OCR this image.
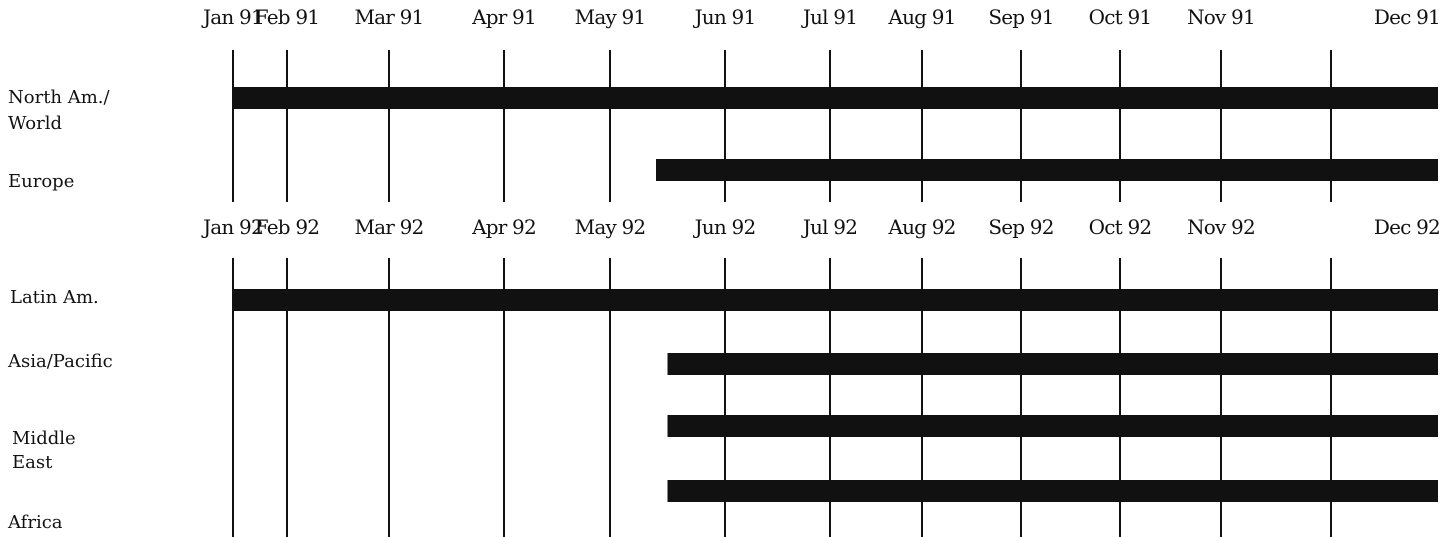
Jan 91
Feb 91 Mar 91 Apr 91 May 91 Jun 91 Jul 91 Aug 91 Sep 91 Oct 91 Nov 91	Dec 91
North Am./
World
Europe
Jan 92
Feb 92 Mar 92 Apr 92 May 92 Jun 92 Jul 92 Aug 92 Sep 92 Oct 92 Nov 92	Dec 92
Latin Am.
Asia/Pacific
Middle
East
Africa
